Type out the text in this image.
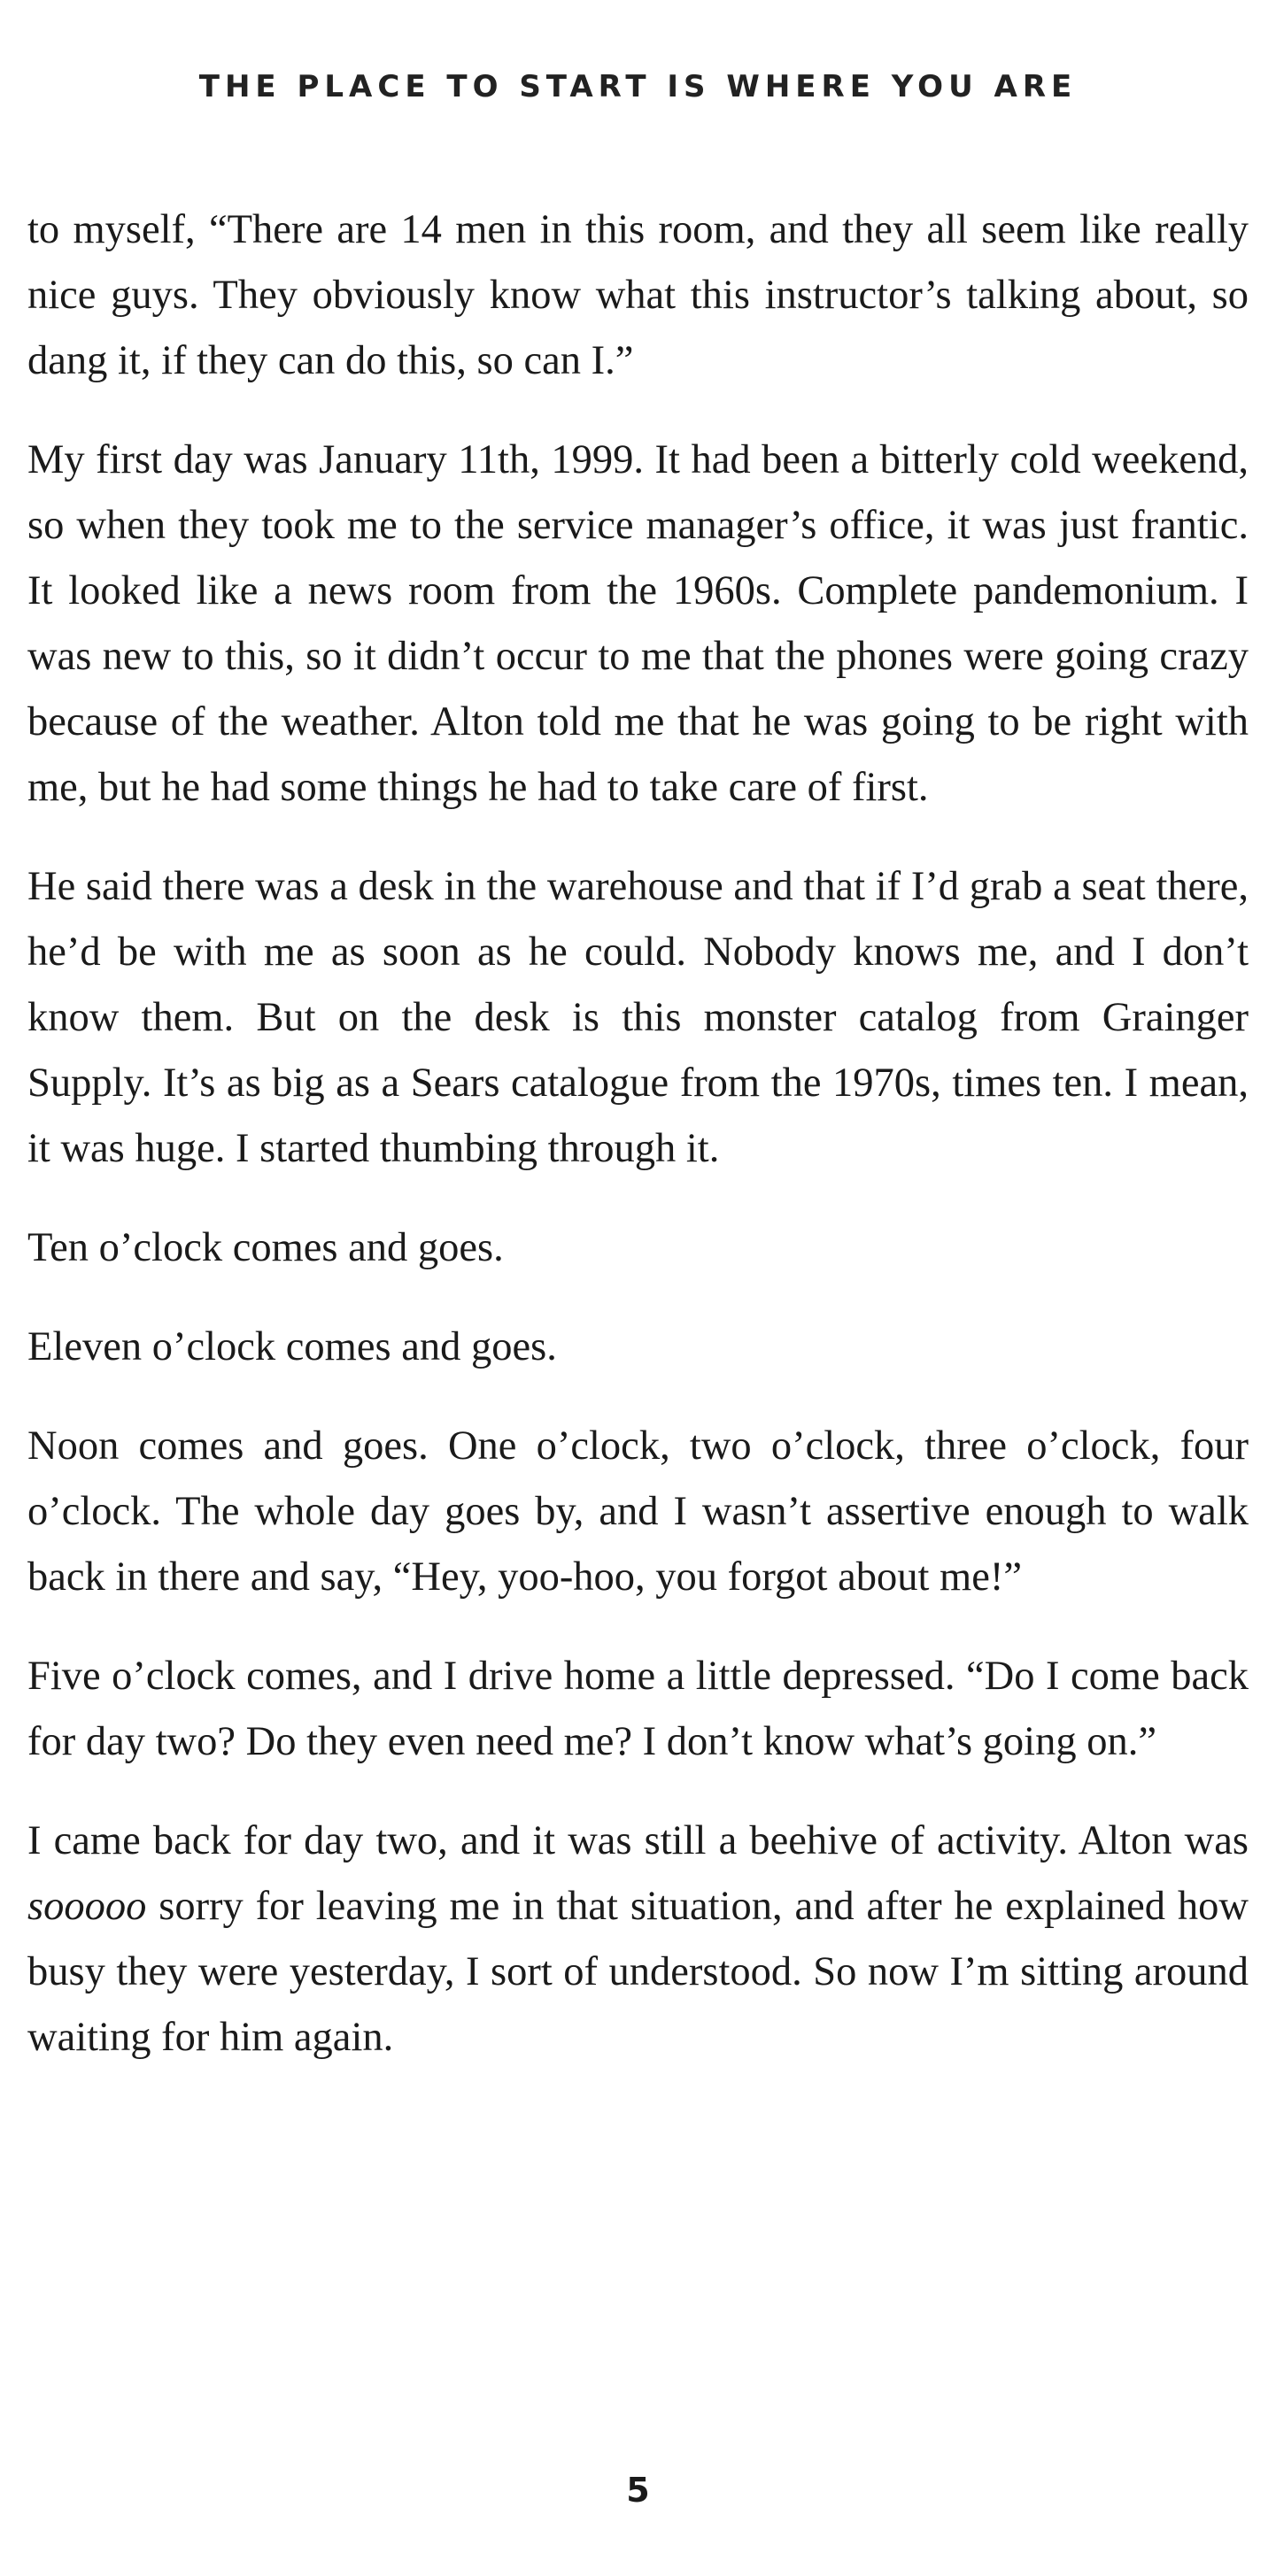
THE PLACE TO START IS WHERE YOU ARE

to myself, “There are 14 men in this room, and they all seem like really nice guys. They obviously know what this instructor’s talking about, so dang it, if they can do this, so can I.”

My first day was January 11th, 1999. It had been a bitterly cold weekend, so when they took me to the service manager’s office, it was just frantic. It looked like a news room from the 1960s. Complete pandemonium. I was new to this, so it didn’t occur to me that the phones were going crazy because of the weather. Alton told me that he was going to be right with me, but he had some things he had to take care of first.

He said there was a desk in the warehouse and that if I’d grab a seat there, he’d be with me as soon as he could. Nobody knows me, and I don’t know them. But on the desk is this monster catalog from Grainger Supply. It’s as big as a Sears catalogue from the 1970s, times ten. I mean, it was huge. I started thumbing through it.

Ten o’clock comes and goes.

Eleven o’clock comes and goes.

Noon comes and goes. One o’clock, two o’clock, three o’clock, four o’clock. The whole day goes by, and I wasn’t assertive enough to walk back in there and say, “Hey, yoo-hoo, you forgot about me!”

Five o’clock comes, and I drive home a little depressed. “Do I come back for day two? Do they even need me? I don’t know what’s going on.”

I came back for day two, and it was still a beehive of activity. Alton was sooooo sorry for leaving me in that situation, and after he explained how busy they were yesterday, I sort of understood. So now I’m sitting around waiting for him again.

5
